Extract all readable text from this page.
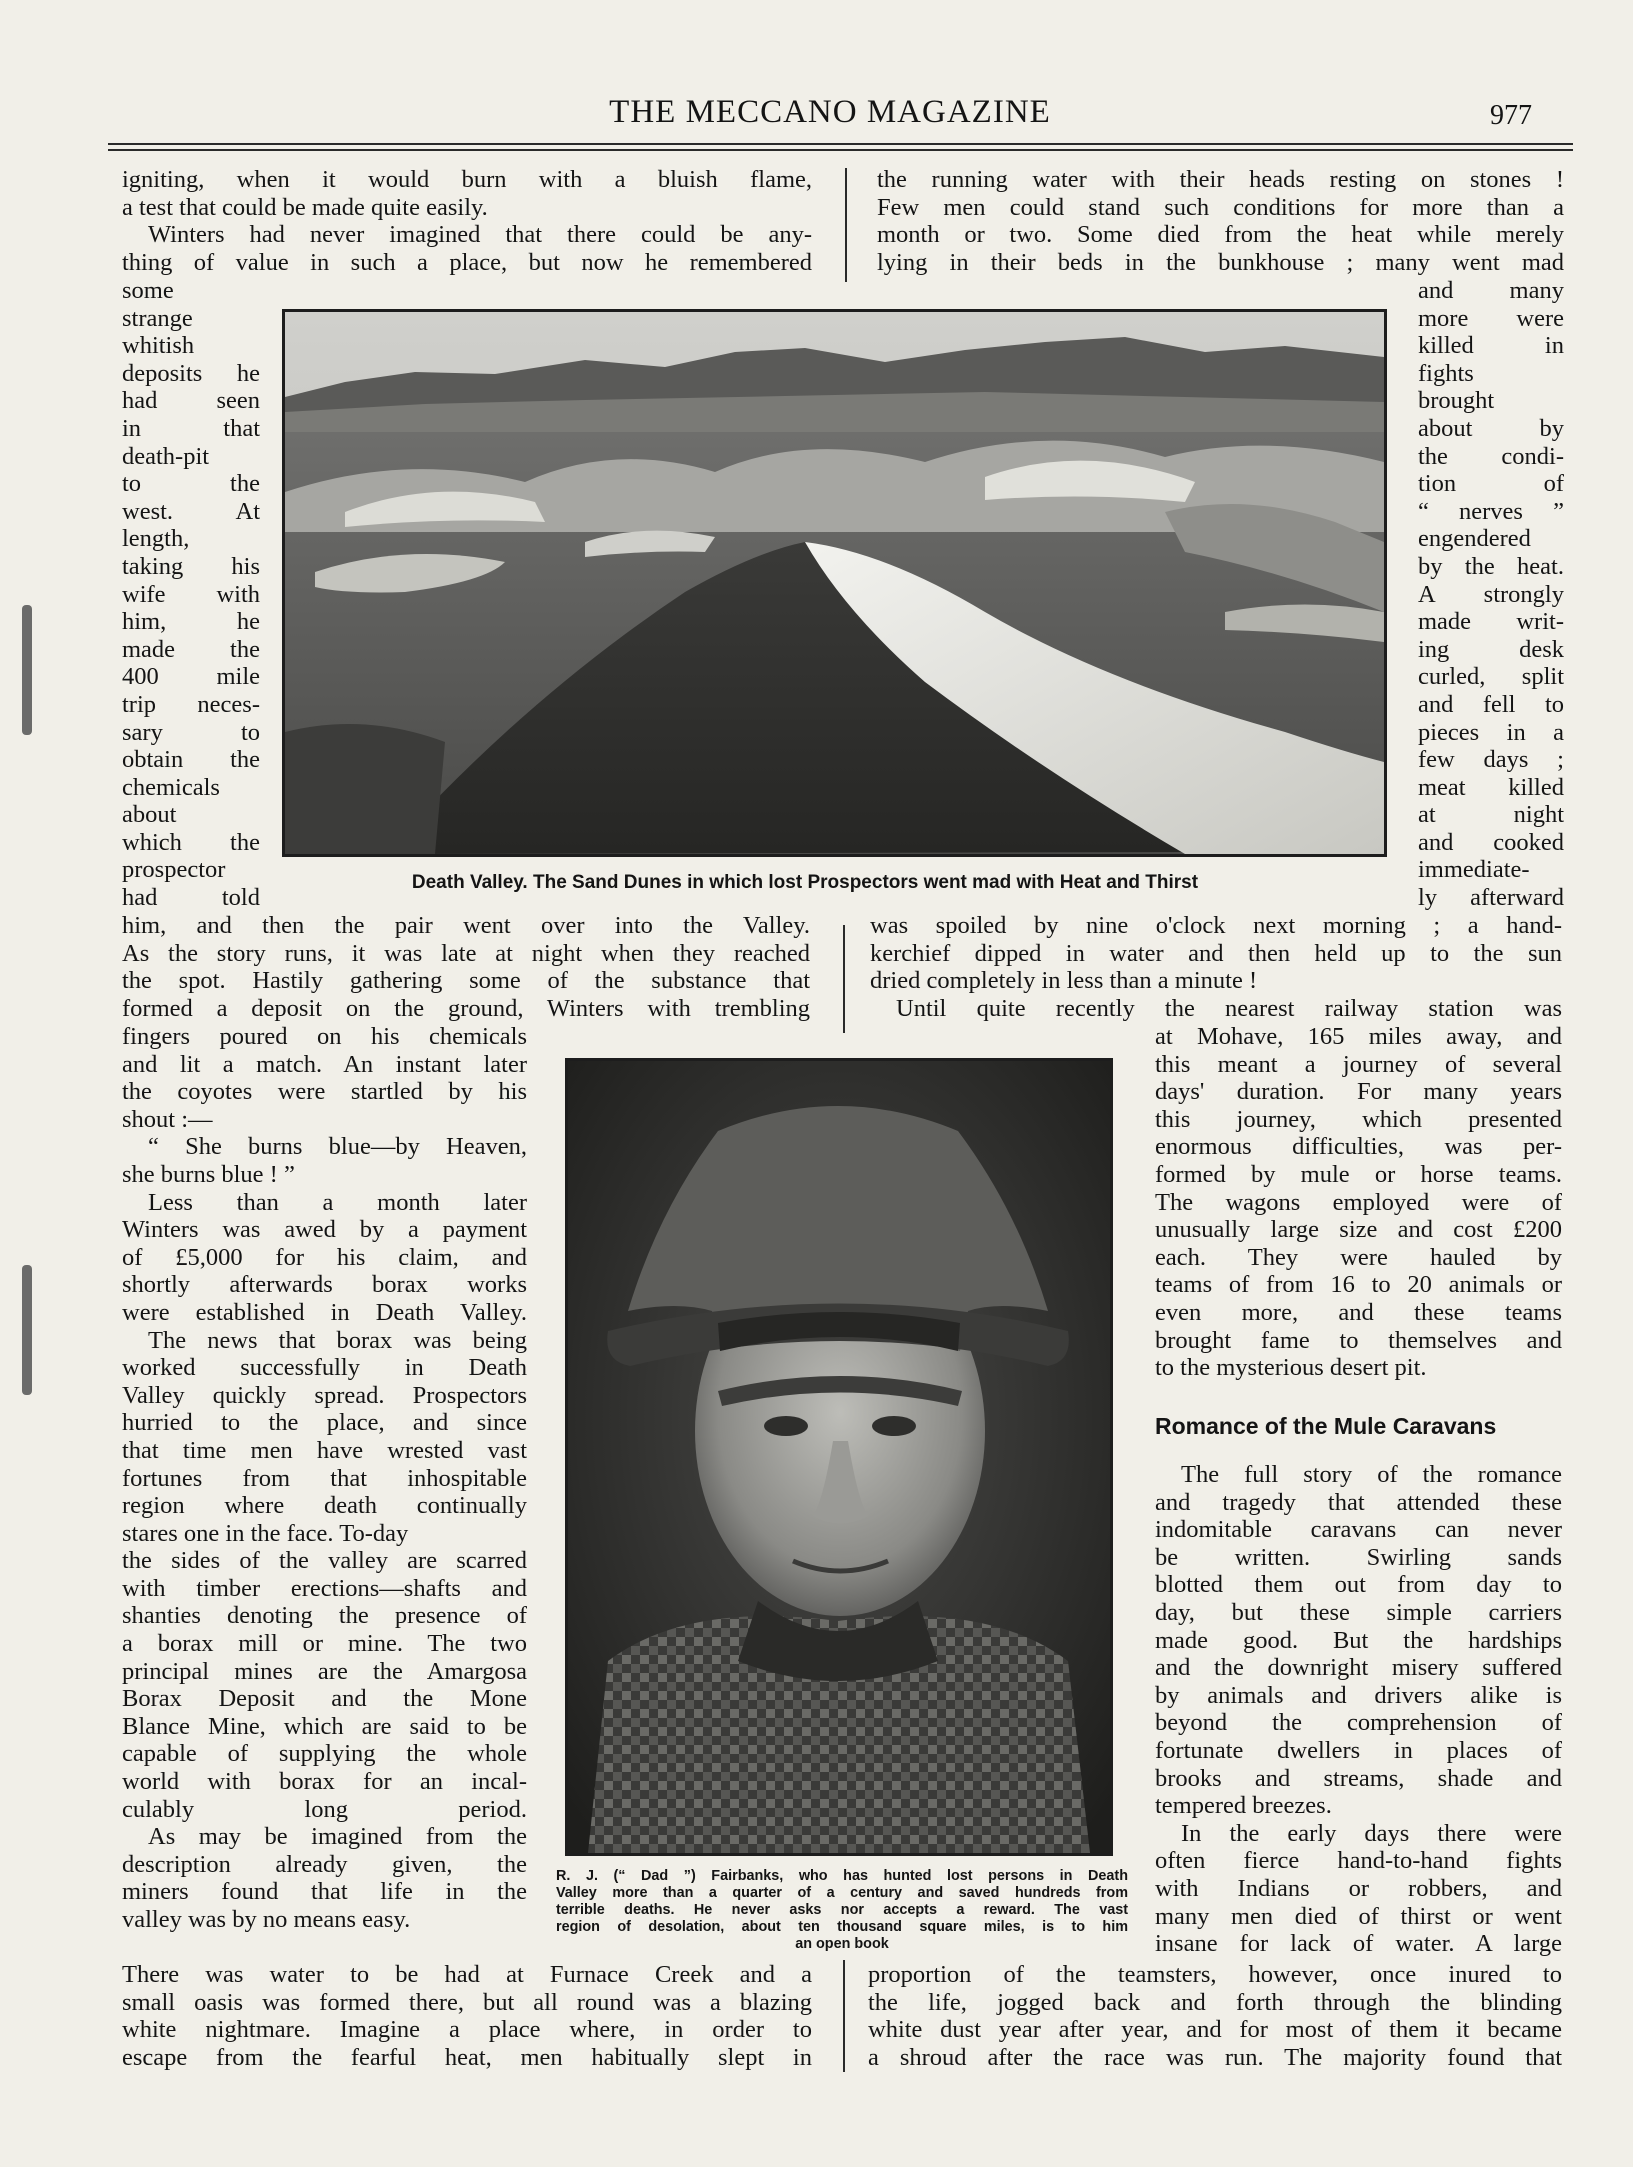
THE MECCANO MAGAZINE	977
igniting, when it would burn with a bluish flame,
a test that could be made quite easily.
Winters had never imagined that there could be any-
thing of value in such a place, but now he remembered
some
strange
whitish
deposits he
had seen
in that
death-pit
to the
west. At
length,
taking his
wife with
him, he
made the
400 mile
trip neces-
sary to
obtain the
chemicals
about
which the
prospector
had told
him, and then the pair went over into the Valley.
As the story runs, it was late at night when they reached
the spot. Hastily gathering some of the substance that
formed a deposit on the ground, Winters with trembling
fingers poured on his chemicals
and lit a match. An instant later
the coyotes were startled by his
shout :—
“ She burns blue—by Heaven,
she burns blue ! ”
Less than a month later
Winters was awed by a payment
of £5,000 for his claim, and
shortly afterwards borax works
were established in Death Valley.
The news that borax was being
worked successfully in Death
Valley quickly spread. Prospectors
hurried to the place, and since
that time men have wrested vast
fortunes from that inhospitable
region where death continually
stares one in the face. To-day
the sides of the valley are scarred
with timber erections—shafts and
shanties denoting the presence of
a borax mill or mine. The two
principal mines are the Amargosa
Borax Deposit and the Mone
Blance Mine, which are said to be
capable of supplying the whole
world with borax for an incal-
culably long period.
As may be imagined from the
description already given, the
miners found that life in the
valley was by no means easy.
There was water to be had at Furnace Creek and a
small oasis was formed there, but all round was a blazing
white nightmare. Imagine a place where, in order to
escape from the fearful heat, men habitually slept in
the running water with their heads resting on stones !
Few men could stand such conditions for more than a
month or two. Some died from the heat while merely
lying in their beds in the bunkhouse ; many went mad
and many
more were
killed in
fights
brought
about by
the condi-
tion of
“ nerves ”
engendered
by the heat.
A strongly
made writ-
ing desk
curled, split
and fell to
pieces in a
few days ;
meat killed
at night
and cooked
immediate-
ly afterward
was spoiled by nine o'clock next morning ; a hand-
kerchief dipped in water and then held up to the sun
dried completely in less than a minute !
Until quite recently the nearest railway station was
at Mohave, 165 miles away, and
this meant a journey of several
days' duration. For many years
this journey, which presented
enormous difficulties, was per-
formed by mule or horse teams.
The wagons employed were of
unusually large size and cost £200
each. They were hauled by
teams of from 16 to 20 animals or
even more, and these teams
brought fame to themselves and
to the mysterious desert pit.
Romance of the Mule Caravans
The full story of the romance
and tragedy that attended these
indomitable caravans can never
be written. Swirling sands
blotted them out from day to
day, but these simple carriers
made good. But the hardships
and the downright misery suffered
by animals and drivers alike is
beyond the comprehension of
fortunate dwellers in places of
brooks and streams, shade and
tempered breezes.
In the early days there were
often fierce hand-to-hand fights
with Indians or robbers, and
many men died of thirst or went
insane for lack of water. A large
proportion of the teamsters, however, once inured to
the life, jogged back and forth through the blinding
white dust year after year, and for most of them it became
a shroud after the race was run. The majority found that
Death Valley. The Sand Dunes in which lost Prospectors went mad with Heat and Thirst
R. J. (“ Dad ”) Fairbanks, who has hunted lost persons in Death
Valley more than a quarter of a century and saved hundreds from
terrible deaths. He never asks nor accepts a reward. The vast
region of desolation, about ten thousand square miles, is to him
an open book
